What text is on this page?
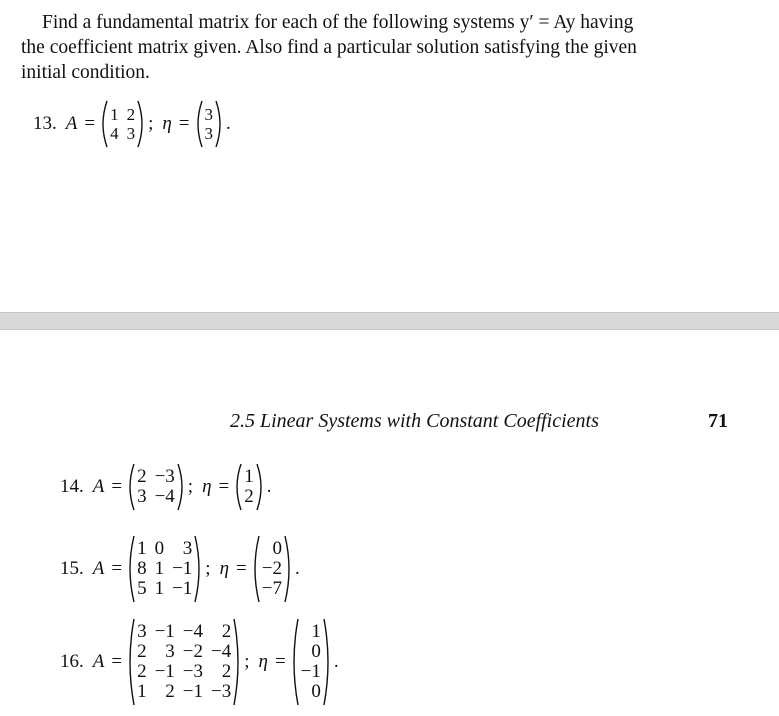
Find a fundamental matrix for each of the following systems y′ = Ay having
the coefficient matrix given. Also find a particular solution satisfying the given
initial condition.
13. A = 1 2
4 3 ; η = 3
3 .
2.5 Linear Systems with Constant Coefficients	71
14. A = 2 −3
3 −4 ; η = 1
2 .
15. A =
1 0 3
8 1 −1
5 1 −1
; η =
0
−2
−7
.
16. A =
3 −1 −4 2
2 3 −2 −4
2 −1 −3 2
1 2 −1 −3
; η =
1
0
−1
0
.
